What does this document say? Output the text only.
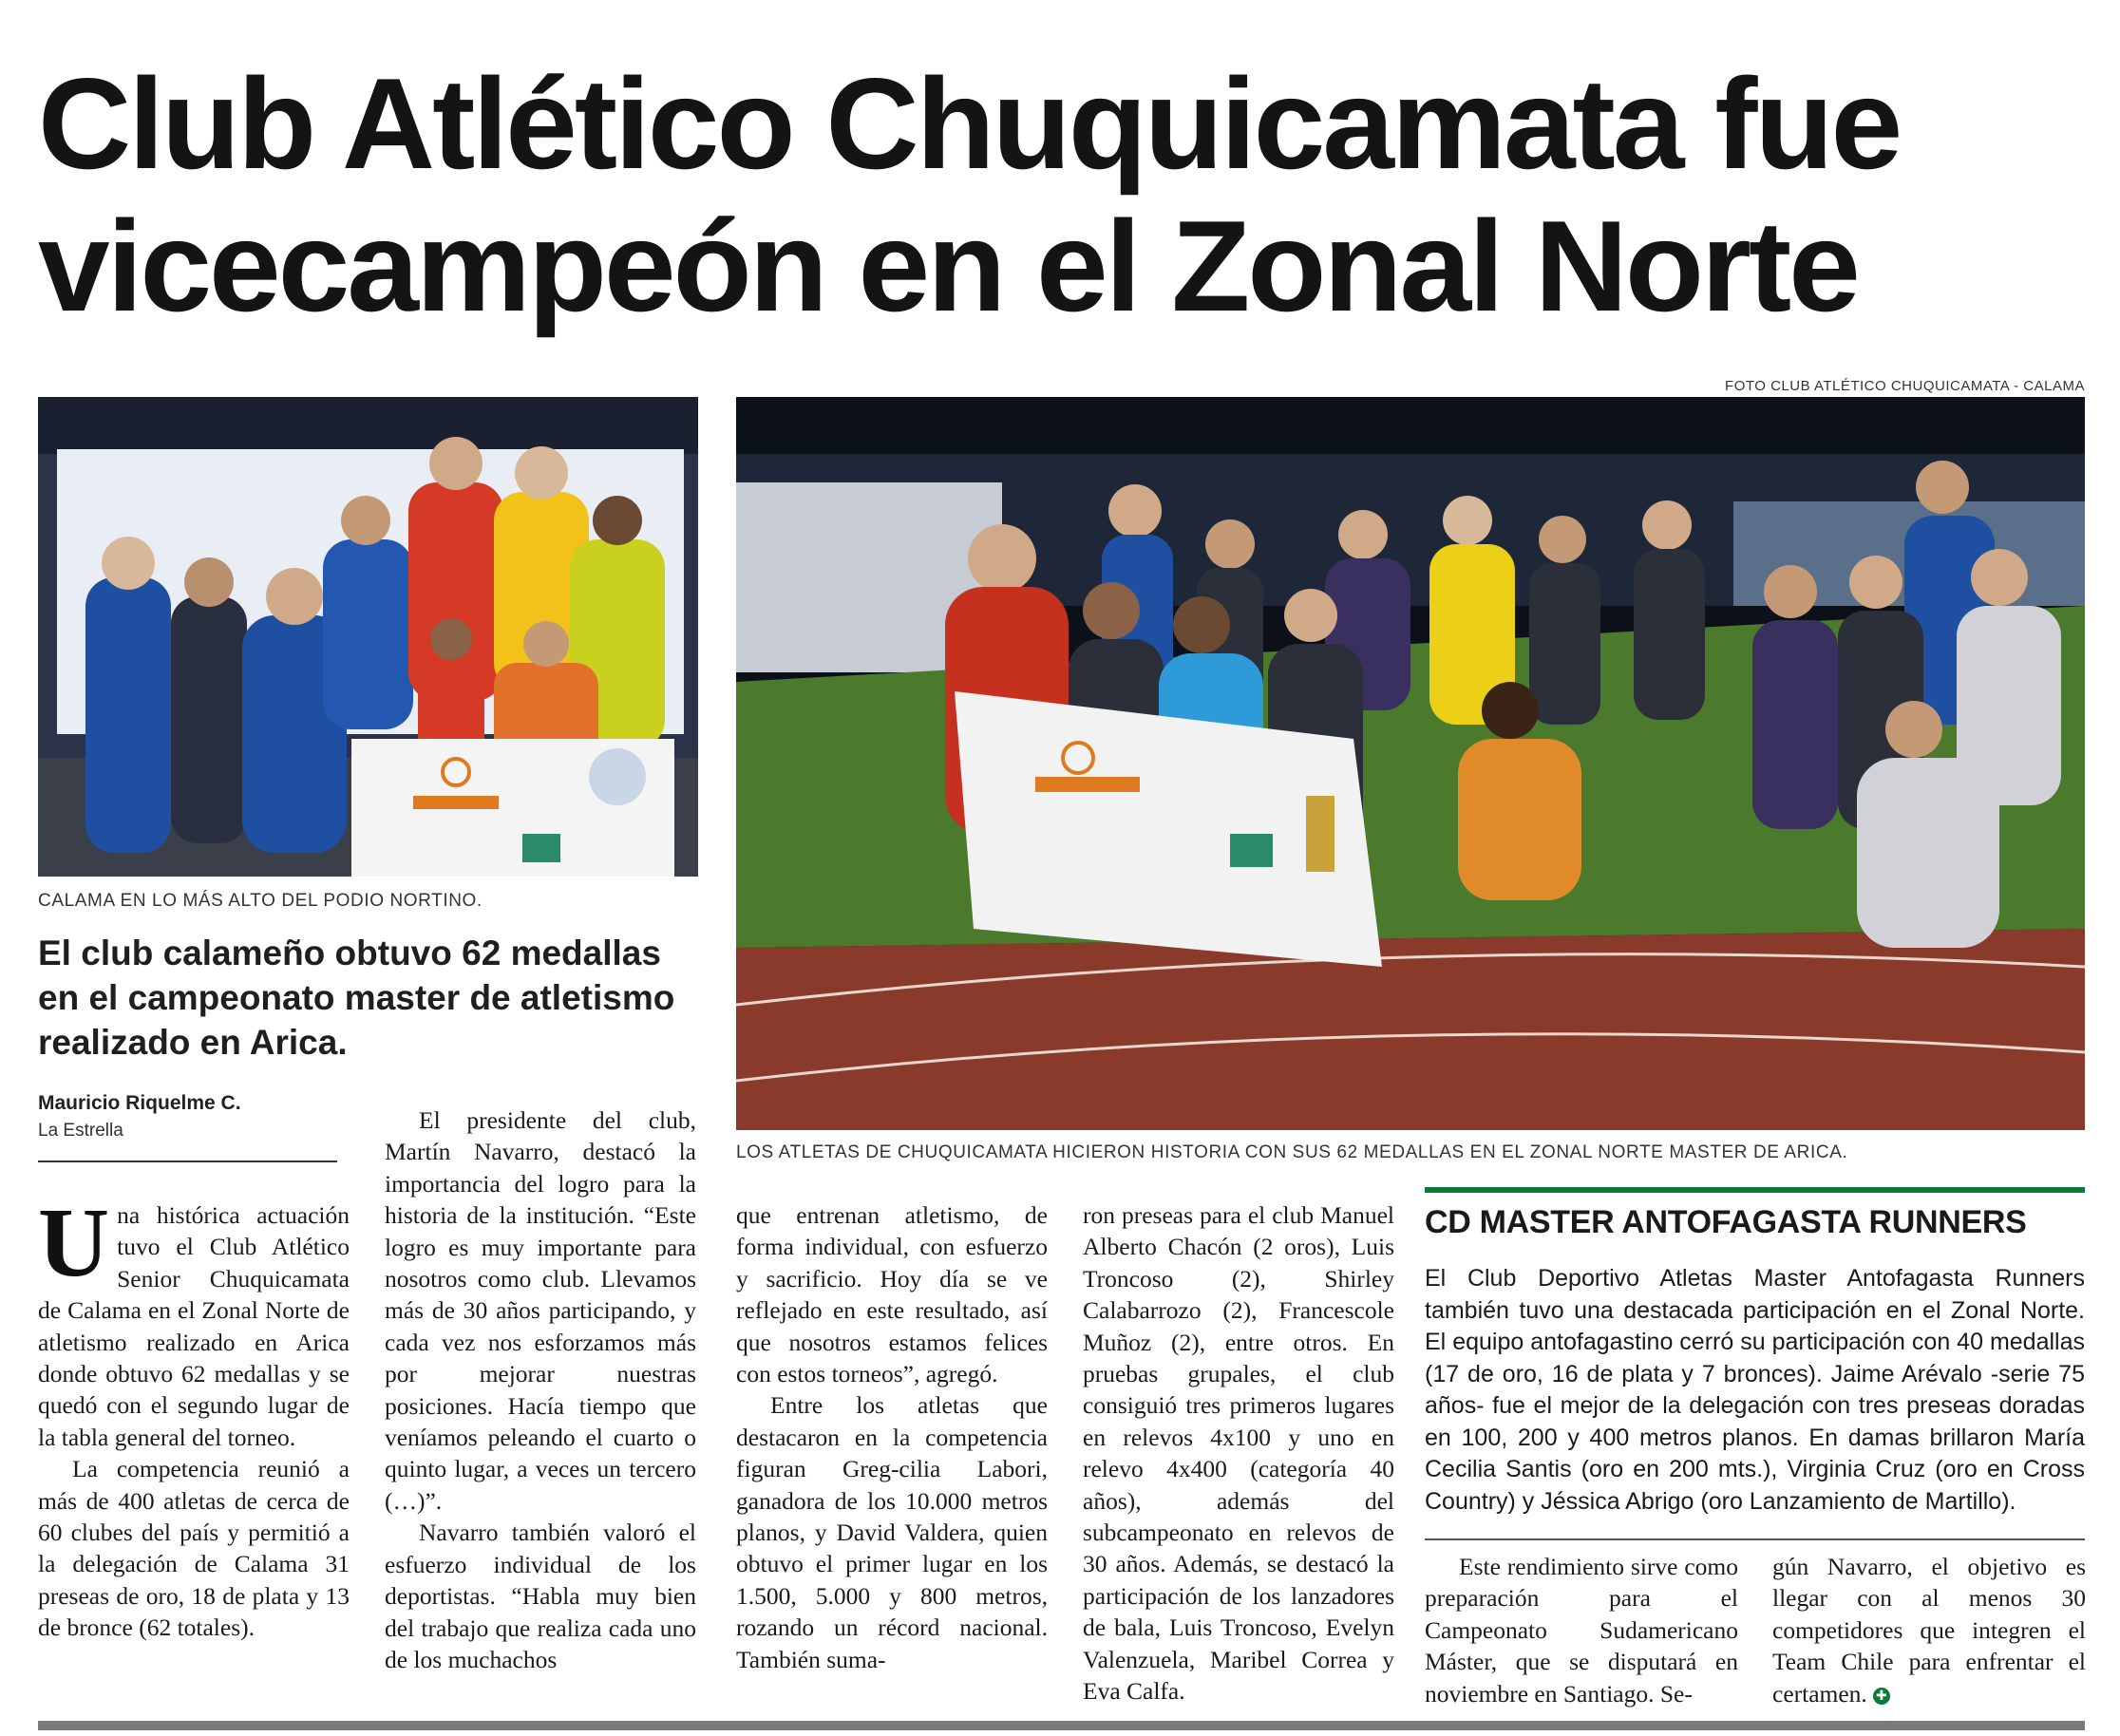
Club Atlético Chuquicamata fue
vicecampeón en el Zonal Norte
FOTO CLUB ATLÉTICO CHUQUICAMATA - CALAMA
CALAMA EN LO MÁS ALTO DEL PODIO NORTINO.
LOS ATLETAS DE CHUQUICAMATA HICIERON HISTORIA CON SUS 62 MEDALLAS EN EL ZONAL NORTE MASTER DE ARICA.
El club calameño obtuvo 62 medallas en el campeonato master de atletismo realizado en Arica.
Mauricio Riquelme C.
La Estrella

Una histórica actuación tuvo el Club Atlético Senior Chuquicamata de Calama en el Zonal Norte de atletismo realizado en Arica donde obtuvo 62 medallas y se quedó con el segundo lugar de la tabla general del torneo.

La competencia reunió a más de 400 atletas de cerca de 60 clubes del país y permitió a la delegación de Calama 31 preseas de oro, 18 de plata y 13 de bronce (62 totales).

El presidente del club, Martín Navarro, destacó la importancia del logro para la historia de la institución. “Este logro es muy importante para nosotros como club. Llevamos más de 30 años participando, y cada vez nos esforzamos más por mejorar nuestras posiciones. Hacía tiempo que veníamos peleando el cuarto o quinto lugar, a veces un tercero (…)”.

Navarro también valoró el esfuerzo individual de los deportistas. “Habla muy bien del trabajo que realiza cada uno de los muchachos

que entrenan atletismo, de forma individual, con esfuerzo y sacrificio. Hoy día se ve reflejado en este resultado, así que nosotros estamos felices con estos torneos”, agregó.

Entre los atletas que destacaron en la competencia figuran Greg-cilia Labori, ganadora de los 10.000 metros planos, y David Valdera, quien obtuvo el primer lugar en los 1.500, 5.000 y 800 metros, rozando un récord nacional. También suma-

ron preseas para el club Manuel Alberto Chacón (2 oros), Luis Troncoso (2), Shirley Calabarrozo (2), Francescole Muñoz (2), entre otros. En pruebas grupales, el club consiguió tres primeros lugares en relevos 4x100 y uno en relevo 4x400 (categoría 40 años), además del subcampeonato en relevos de 30 años. Además, se destacó la participación de los lanzadores de bala, Luis Troncoso, Evelyn Valenzuela, Maribel Correa y Eva Calfa.

CD MASTER ANTOFAGASTA RUNNERS
El Club Deportivo Atletas Master Antofagasta Runners también tuvo una destacada participación en el Zonal Norte. El equipo antofagastino cerró su participación con 40 medallas (17 de oro, 16 de plata y 7 bronces). Jaime Arévalo -serie 75 años- fue el mejor de la delegación con tres preseas doradas en 100, 200 y 400 metros planos. En damas brillaron María Cecilia Santis (oro en 200 mts.), Virginia Cruz (oro en Cross Country) y Jéssica Abrigo (oro Lanzamiento de Martillo).

Este rendimiento sirve como preparación para el Campeonato Sudamericano Máster, que se disputará en noviembre en Santiago. Se-

gún Navarro, el objetivo es llegar con al menos 30 competidores que integren el Team Chile para enfrentar el certamen. ✚
